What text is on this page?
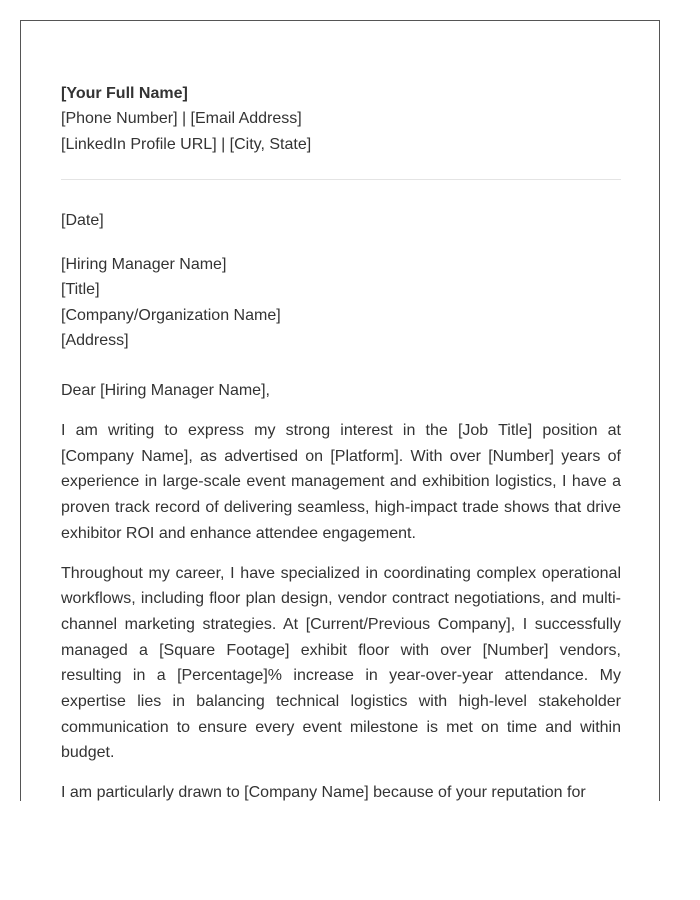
[Your Full Name]
[Phone Number] | [Email Address]
[LinkedIn Profile URL] | [City, State]
[Date]
[Hiring Manager Name]
[Title]
[Company/Organization Name]
[Address]
Dear [Hiring Manager Name],

I am writing to express my strong interest in the [Job Title] position at [Company Name], as advertised on [Platform]. With over [Number] years of experience in large-scale event management and exhibition logistics, I have a proven track record of delivering seamless, high-impact trade shows that drive exhibitor ROI and enhance attendee engagement.

Throughout my career, I have specialized in coordinating complex operational workflows, including floor plan design, vendor contract negotiations, and multi-channel marketing strategies. At [Current/Previous Company], I successfully managed a [Square Footage] exhibit floor with over [Number] vendors, resulting in a [Percentage]% increase in year-over-year attendance. My expertise lies in balancing technical logistics with high-level stakeholder communication to ensure every event milestone is met on time and within budget.

I am particularly drawn to [Company Name] because of your reputation for
